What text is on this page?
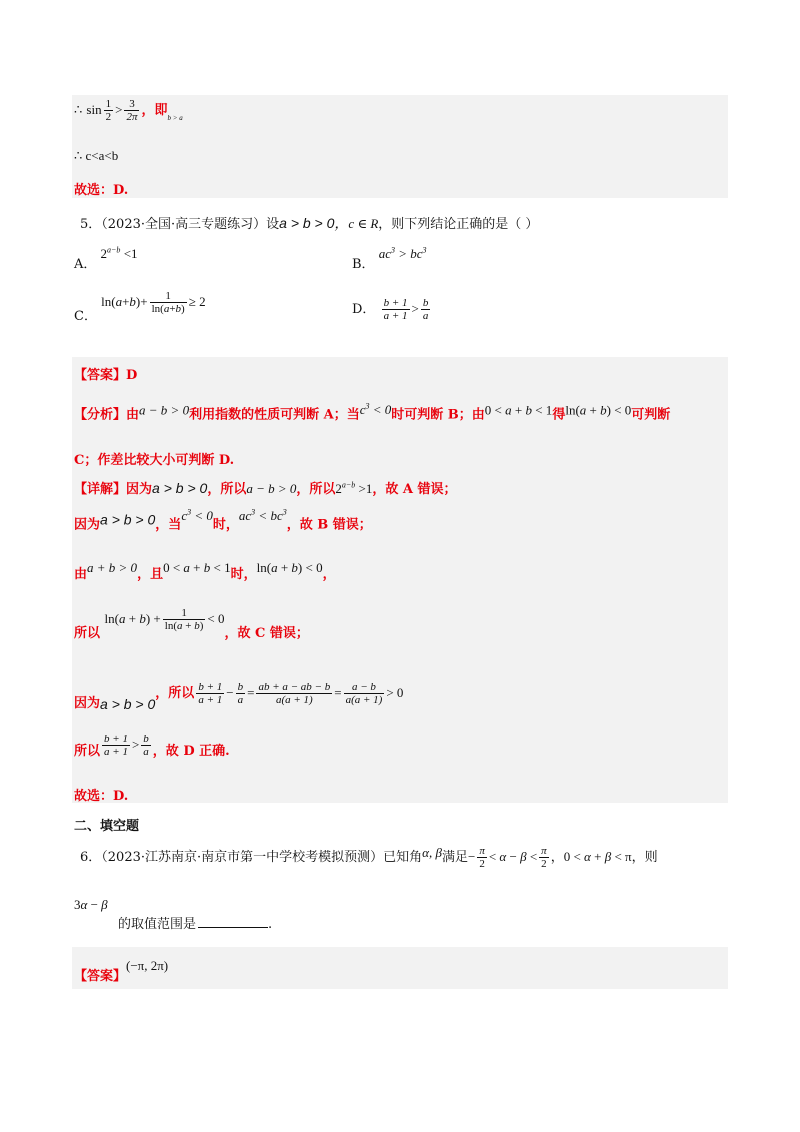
∴ $\sin \frac{1}{2} > \frac{3}{2\pi}$ ，即$_{b > a}$
∴ c<a<b
故选：D.
5．（2023·全国·高三专题练习）设a > b > 0，c ∈ R，则下列结论正确的是（ ）
A． $2^{a-b} <1$
B． $ac^3 > bc^3$
C． $\ln(a+b)+ \frac{1}{\ln(a+b)} \ge 2$
D． $\frac{b + 1}{a + 1} > \frac{b}{a}$
【答案】D
【分析】由a − b > 0利用指数的性质可判断 A；当$c^3 < 0$时可判断 B；由0 < a + b < 1得ln(a + b) < 0可判断
C；作差比较大小可判断 D.
【详解】因为a > b > 0，所以a − b > 0，所以$2^{a-b} >1$，故 A 错误；
因为a > b > 0，当$c^3 < 0$时，$ac^3 < bc^3$，故 B 错误；
由a + b > 0，且0 < a + b < 1时，ln(a + b) < 0，
所以 $\ln(a + b) + \frac{1}{\ln(a + b)} < 0$，故 C 错误；
因为a > b > 0，所以 $\frac{b + 1}{a + 1} - \frac{b}{a} = \frac{ab + a - ab - b}{a(a + 1)} = \frac{a - b}{a(a + 1)} > 0$
所以 $\frac{b + 1}{a + 1} > \frac{b}{a}$ ，故 D 正确.
故选：D.
二、填空题
6．（2023·江苏南京·南京市第一中学校考模拟预测）已知角α, β满足− $\frac{\pi}{2} < \alpha - \beta < \frac{\pi}{2}$ ，0 < α + β < π，则
3α − β
的取值范围是	.
【答案】(−π, 2π)
